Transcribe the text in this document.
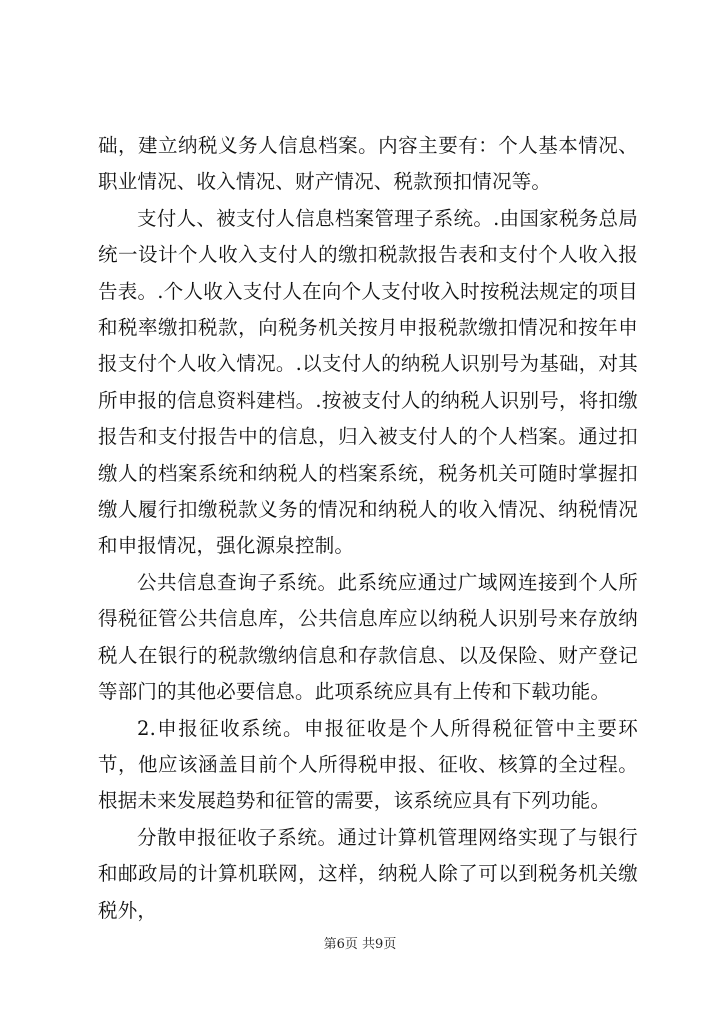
础，建立纳税义务人信息档案。内容主要有：个人基本情况、职业情况、收入情况、财产情况、税款预扣情况等。

支付人、被支付人信息档案管理子系统。.由国家税务总局统一设计个人收入支付人的缴扣税款报告表和支付个人收入报告表。.个人收入支付人在向个人支付收入时按税法规定的项目和税率缴扣税款，向税务机关按月申报税款缴扣情况和按年申报支付个人收入情况。.以支付人的纳税人识别号为基础，对其所申报的信息资料建档。.按被支付人的纳税人识别号，将扣缴报告和支付报告中的信息，归入被支付人的个人档案。通过扣缴人的档案系统和纳税人的档案系统，税务机关可随时掌握扣缴人履行扣缴税款义务的情况和纳税人的收入情况、纳税情况和申报情况，强化源泉控制。

公共信息查询子系统。此系统应通过广域网连接到个人所得税征管公共信息库，公共信息库应以纳税人识别号来存放纳税人在银行的税款缴纳信息和存款信息、以及保险、财产登记等部门的其他必要信息。此项系统应具有上传和下载功能。

2.申报征收系统。申报征收是个人所得税征管中主要环节，他应该涵盖目前个人所得税申报、征收、核算的全过程。根据未来发展趋势和征管的需要，该系统应具有下列功能。

分散申报征收子系统。通过计算机管理网络实现了与银行和邮政局的计算机联网，这样，纳税人除了可以到税务机关缴税外，

第6页 共9页
